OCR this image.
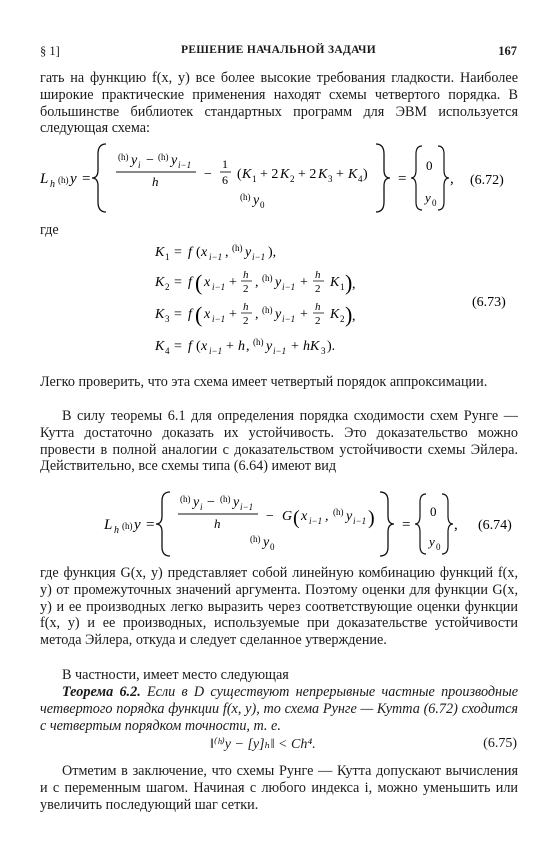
§ 1]	РЕШЕНИЕ НАЧАЛЬНОЙ ЗАДАЧИ	167
гать на функцию f(x, y) все более высокие требования гладкости. Наиболее широкие практические применения находят схемы четвертого порядка. В большинстве библиотек стандартных программ для ЭВМ используется следующая схема:
L h (h) y =
(h) y i − (h) y i−1
h	−
1
6 ( K 1 + 2 K 2 + 2 K 3 + K 4 )
(h) y 0
=
0
y 0
, (6.72)
где
K 1 = f ( x i−1 , (h) y i−1 ),
K 2 = f ( x i−1 + h
2 , (h) y i−1 + h
2 K 1 ) ,
K 3 = f ( x i−1 + h
2 , (h) y i−1 + h
2 K 2 ) ,
K 4 = f ( x i−1 + h , (h) y i−1 + hK 3 ).
(6.73)
Легко проверить, что эта схема имеет четвертый порядок аппроксимации.
В силу теоремы 6.1 для определения порядка сходимости схем Рунге — Кутта достаточно доказать их устойчивость. Это доказательство можно провести в полной аналогии с доказательством устойчивости схемы Эйлера. Действительно, все схемы типа (6.64) имеют вид
L h (h) y =
(h) y i − (h) y i−1
h	− G ( x i−1 , (h) y i−1 )
(h) y 0
=
0
y 0
, (6.74)
где функция G(x, y) представляет собой линейную комбинацию функций f(x, y) от промежуточных значений аргумента. Поэтому оценки для функции G(x, y) и ее производных легко выразить через соответствующие оценки функции f(x, y) и ее производных, используемые при доказательстве устойчивости метода Эйлера, откуда и следует сделанное утверждение.
В частности, имеет место следующая
Теорема 6.2. Если в D существуют непрерывные частные производные четвертого порядка функции f(x, y), то схема Рунге — Кутта (6.72) сходится с четвертым порядком точности, т. е.
‖⁽ʰ⁾y − [y]ₕ‖ < Ch⁴.	(6.75)
Отметим в заключение, что схемы Рунге — Кутта допускают вычисления и с переменным шагом. Начиная с любого индекса i, можно уменьшить или увеличить последующий шаг сетки.
